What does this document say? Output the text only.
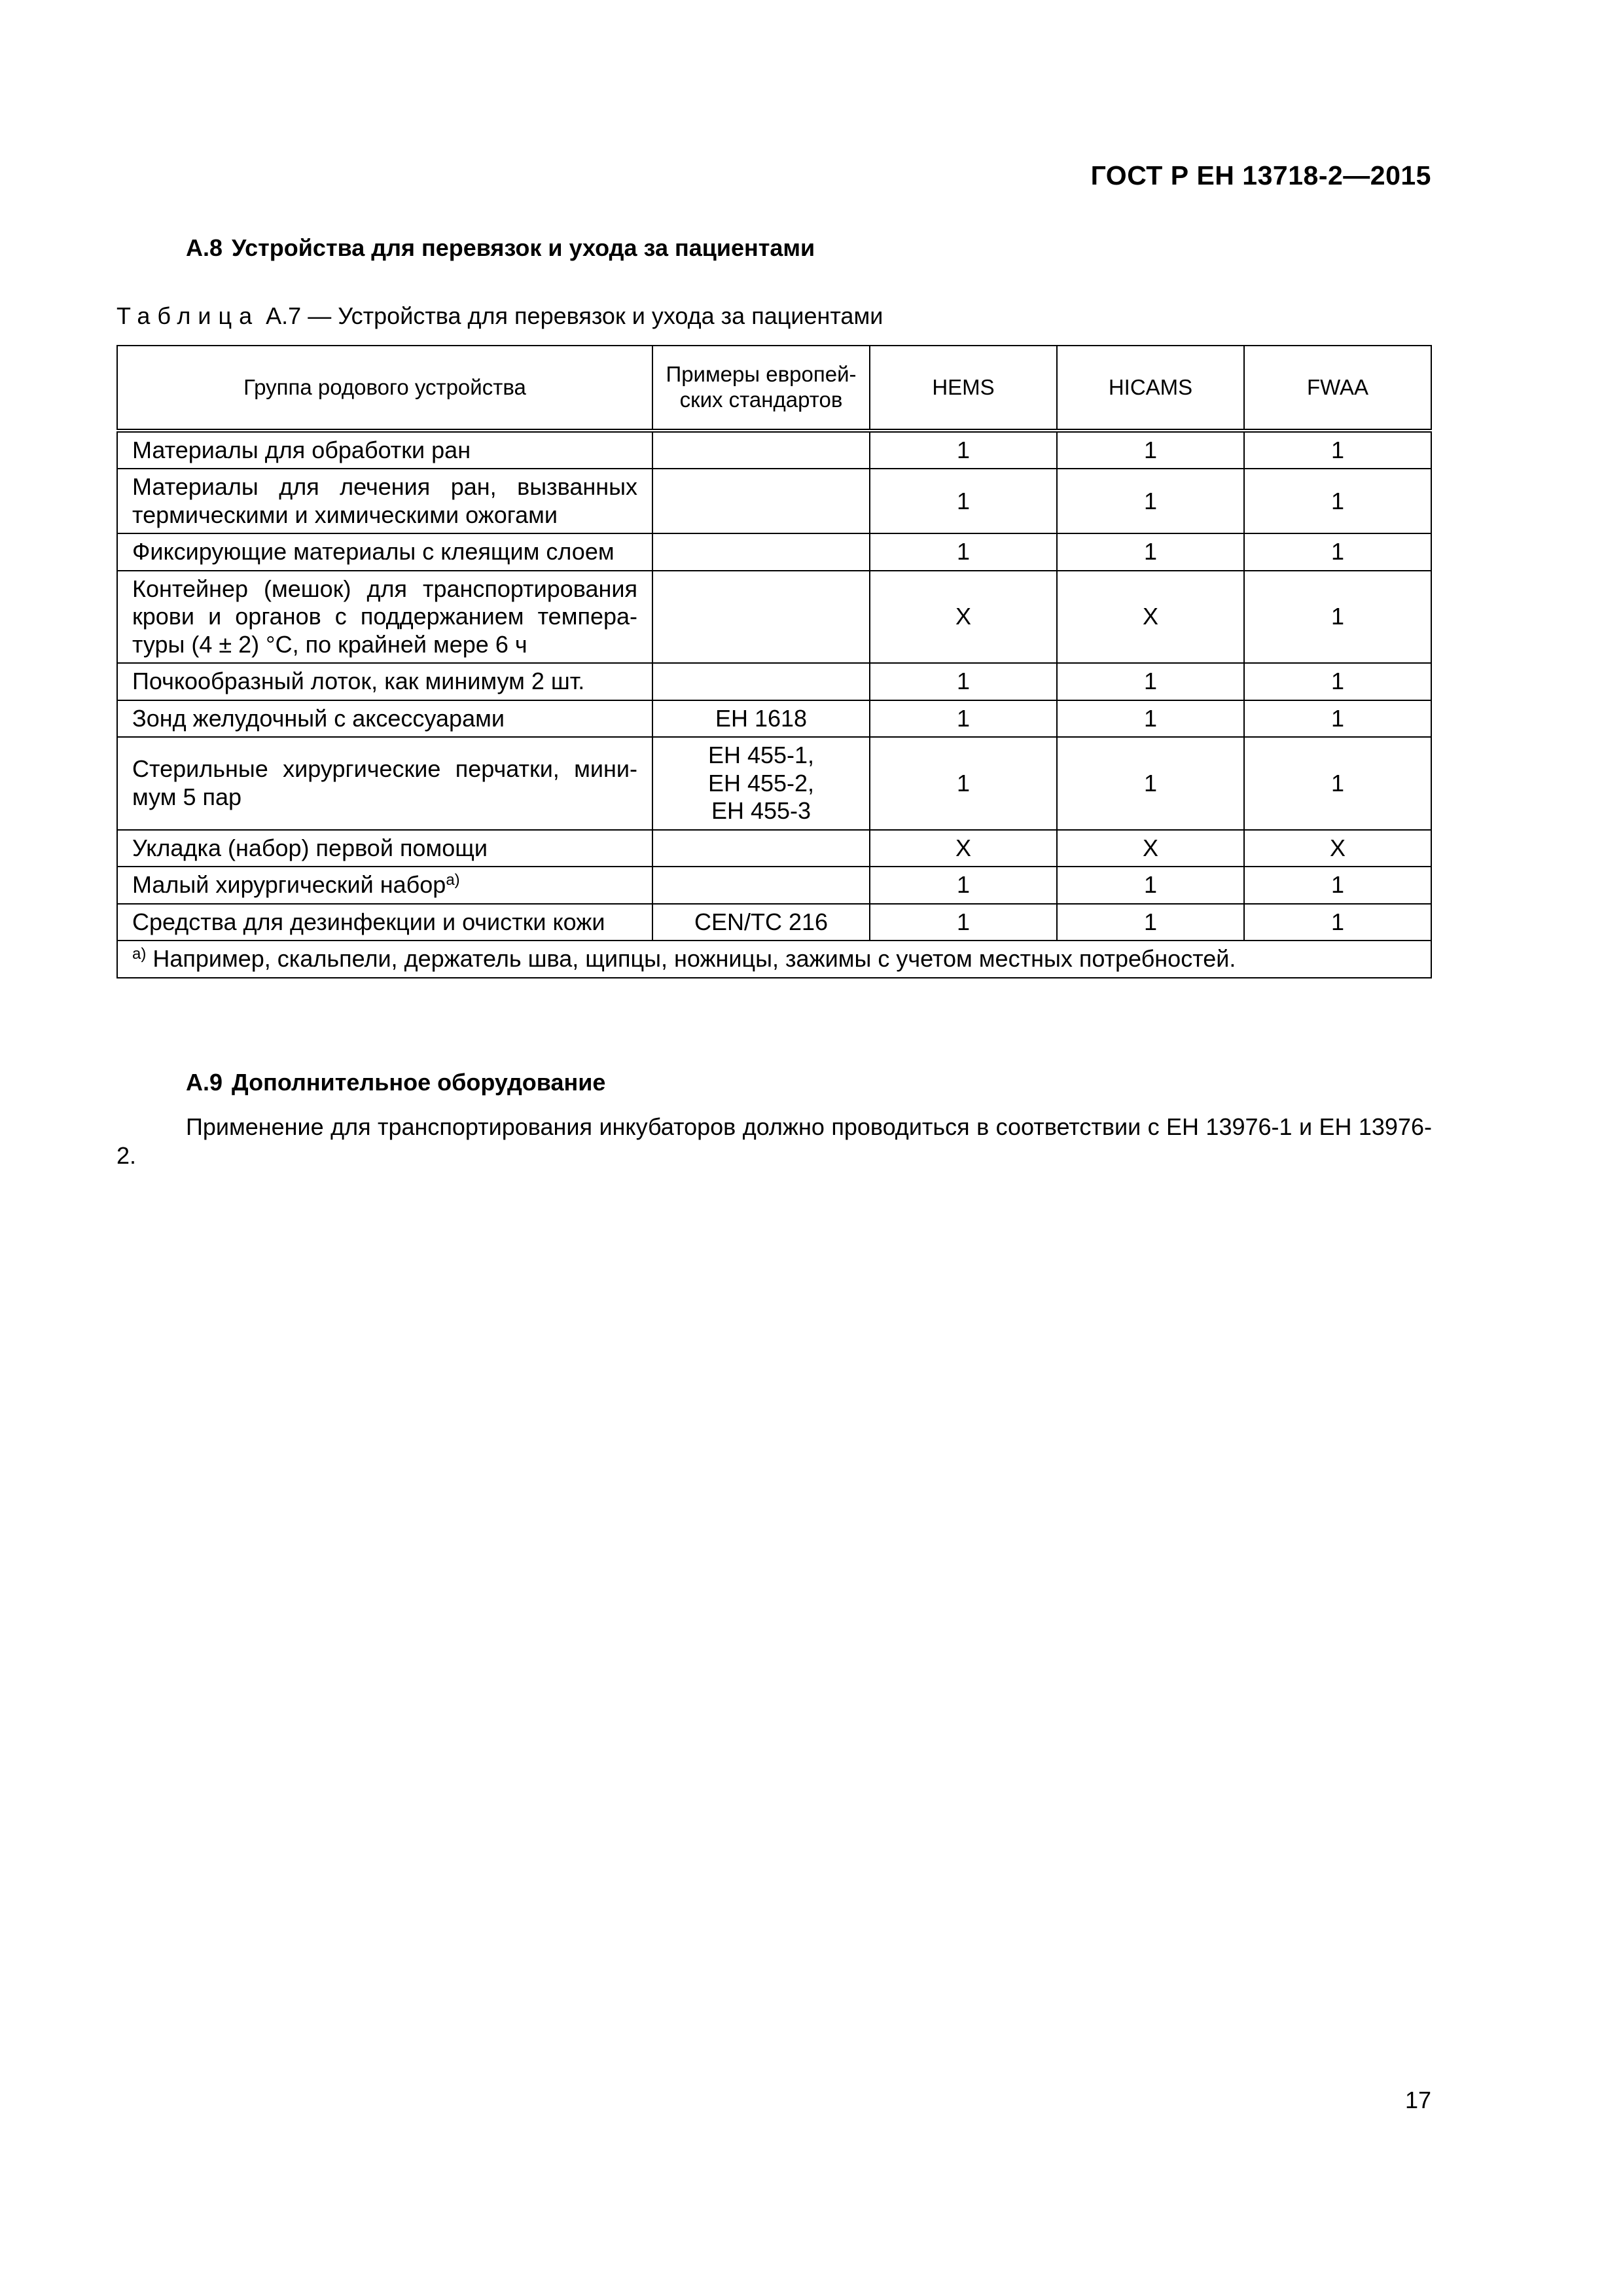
ГОСТ Р ЕН 13718-2—2015
А.8 Устройства для перевязок и ухода за пациентами
Таблица А.7 — Устройства для перевязок и ухода за пациентами
Группа родового устройства	Примеры европей-ских стандартов	HEMS	HICAMS	FWAA
Материалы для обработки ран		1	1	1
Материалы для лечения ран, вызванных термическими и химическими ожогами		1	1	1
Фиксирующие материалы с клеящим слоем		1	1	1
Контейнер (мешок) для транспортирования крови и органов с поддержанием темпера-туры (4 ± 2) °С, по крайней мере 6 ч		X	X	1
Почкообразный лоток, как минимум 2 шт.		1	1	1
Зонд желудочный с аксессуарами	ЕН 1618	1	1	1
Стерильные хирургические перчатки, мини-мум 5 пар	ЕН 455-1, ЕН 455-2, ЕН 455-3	1	1	1
Укладка (набор) первой помощи		X	X	X
Малый хирургический набор$^{а)}$		1	1	1
Средства для дезинфекции и очистки кожи	CEN/TC 216	1	1	1
$^{а)}$ Например, скальпели, держатель шва, щипцы, ножницы, зажимы с учетом местных потребностей.				
А.9 Дополнительное оборудование
Применение для транспортирования инкубаторов должно проводиться в соответствии с ЕН 13976-1 и ЕН 13976-2.
17
